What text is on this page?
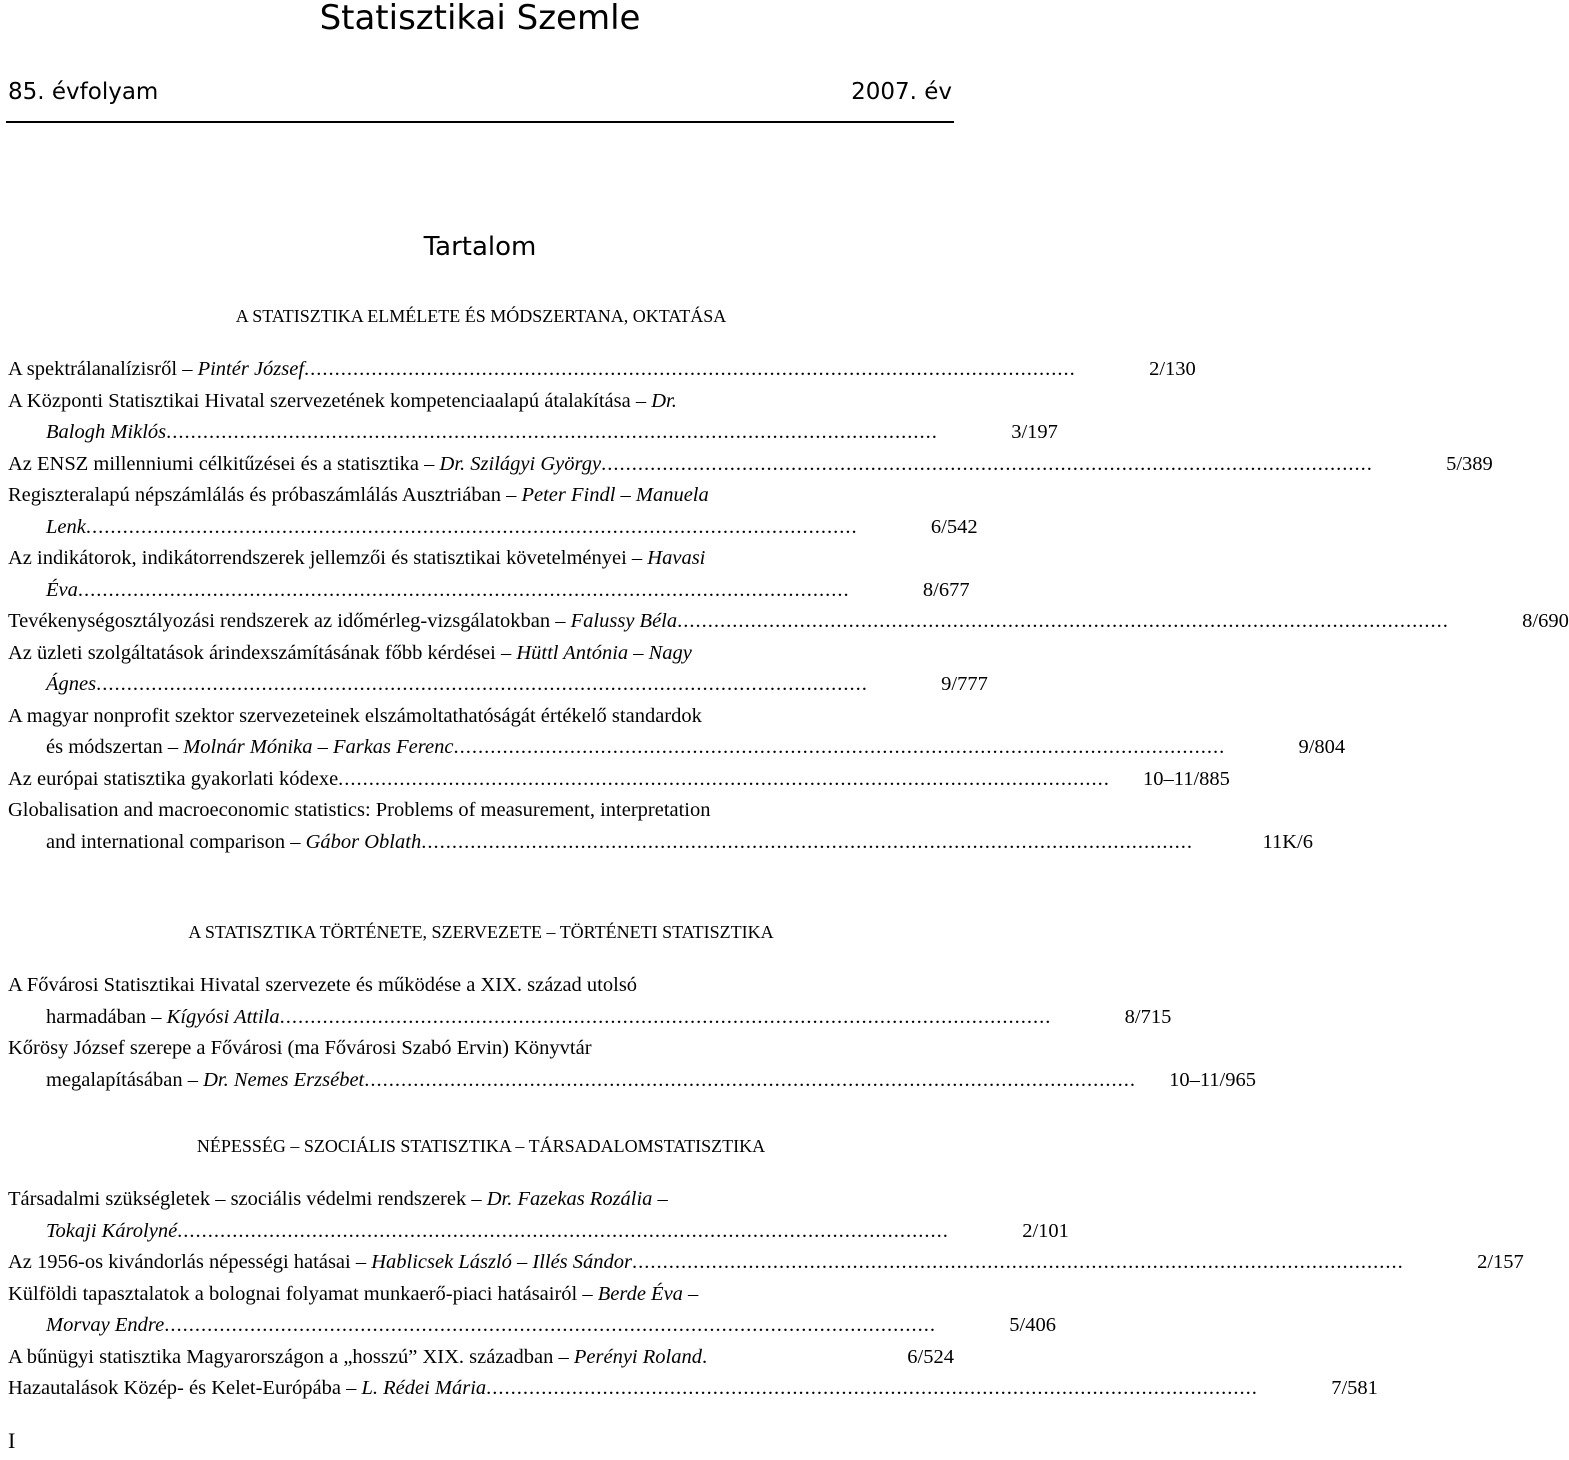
Statisztikai Szemle
85. évfolyam	2007. év
Tartalom
A STATISZTIKA ELMÉLETE ÉS MÓDSZERTANA, OKTATÁSA
A spektrálanalízisről – Pintér József ..............................................................................................................................	2/130
A Központi Statisztikai Hivatal szervezetének kompetenciaalapú átalakítása – Dr.
Balogh Miklós ..............................................................................................................................	3/197
Az ENSZ millenniumi célkitűzései és a statisztika – Dr. Szilágyi György ..............................................................................................................................	5/389
Regiszteralapú népszámlálás és próbaszámlálás Ausztriában – Peter Findl – Manuela
Lenk ..............................................................................................................................	6/542
Az indikátorok, indikátorrendszerek jellemzői és statisztikai követelményei – Havasi
Éva ..............................................................................................................................	8/677
Tevékenységosztályozási rendszerek az időmérleg-vizsgálatokban – Falussy Béla ..............................................................................................................................	8/690
Az üzleti szolgáltatások árindexszámításának főbb kérdései – Hüttl Antónia – Nagy
Ágnes ..............................................................................................................................	9/777
A magyar nonprofit szektor szervezeteinek elszámoltathatóságát értékelő standardok
és módszertan – Molnár Mónika – Farkas Ferenc ..............................................................................................................................	9/804
Az európai statisztika gyakorlati kódexe ..............................................................................................................................	10–11/885
Globalisation and macroeconomic statistics: Problems of measurement, interpretation
and international comparison – Gábor Oblath ..............................................................................................................................	11K/6
A STATISZTIKA TÖRTÉNETE, SZERVEZETE – TÖRTÉNETI STATISZTIKA
A Fővárosi Statisztikai Hivatal szervezete és működése a XIX. század utolsó
harmadában – Kígyósi Attila ..............................................................................................................................	8/715
Kőrösy József szerepe a Fővárosi (ma Fővárosi Szabó Ervin) Könyvtár
megalapításában – Dr. Nemes Erzsébet ..............................................................................................................................	10–11/965
NÉPESSÉG – SZOCIÁLIS STATISZTIKA – TÁRSADALOMSTATISZTIKA
Társadalmi szükségletek – szociális védelmi rendszerek – Dr. Fazekas Rozália –
Tokaji Károlyné ..............................................................................................................................	2/101
Az 1956-os kivándorlás népességi hatásai – Hablicsek László – Illés Sándor ..............................................................................................................................	2/157
Külföldi tapasztalatok a bolognai folyamat munkaerő-piaci hatásairól – Berde Éva –
Morvay Endre ..............................................................................................................................	5/406
A bűnügyi statisztika Magyarországon a „hosszú” XIX. században – Perényi Roland .	6/524
Hazautalások Közép- és Kelet-Európába – L. Rédei Mária ..............................................................................................................................	7/581
I
